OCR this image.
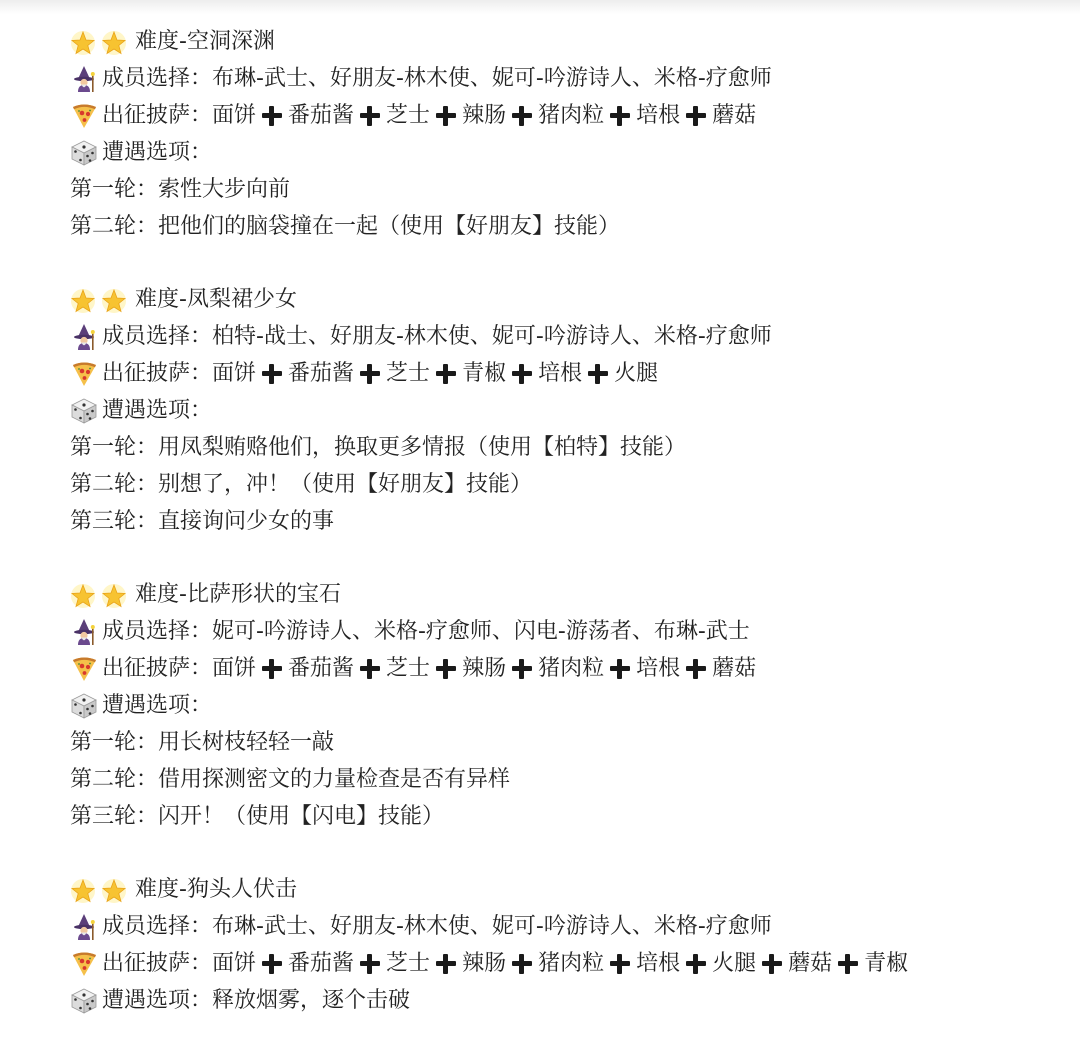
难度-空洞深渊
成员选择： 布琳-武士、好朋友-林木使、妮可-吟游诗人、米格-疗愈师
出征披萨： 面饼 番茄酱 芝士 辣肠 猪肉粒 培根 蘑菇
遭遇选项：
第一轮： 索性大步向前
第二轮： 把他们的脑袋撞在一起（使用【好朋友】技能）
难度-凤梨裙少女
成员选择： 柏特-战士、好朋友-林木使、妮可-吟游诗人、米格-疗愈师
出征披萨： 面饼 番茄酱 芝士 青椒 培根 火腿
遭遇选项：
第一轮： 用凤梨贿赂他们，换取更多情报（使用【柏特】技能）
第二轮： 别想了，冲！（使用【好朋友】技能）
第三轮： 直接询问少女的事
难度-比萨形状的宝石
成员选择： 妮可-吟游诗人、米格-疗愈师、闪电-游荡者、布琳-武士
出征披萨： 面饼 番茄酱 芝士 辣肠 猪肉粒 培根 蘑菇
遭遇选项：
第一轮： 用长树枝轻轻一敲
第二轮： 借用探测密文的力量检查是否有异样
第三轮： 闪开！（使用【闪电】技能）
难度-狗头人伏击
成员选择： 布琳-武士、好朋友-林木使、妮可-吟游诗人、米格-疗愈师
出征披萨： 面饼 番茄酱 芝士 辣肠 猪肉粒 培根 火腿 蘑菇 青椒
遭遇选项： 释放烟雾，逐个击破
